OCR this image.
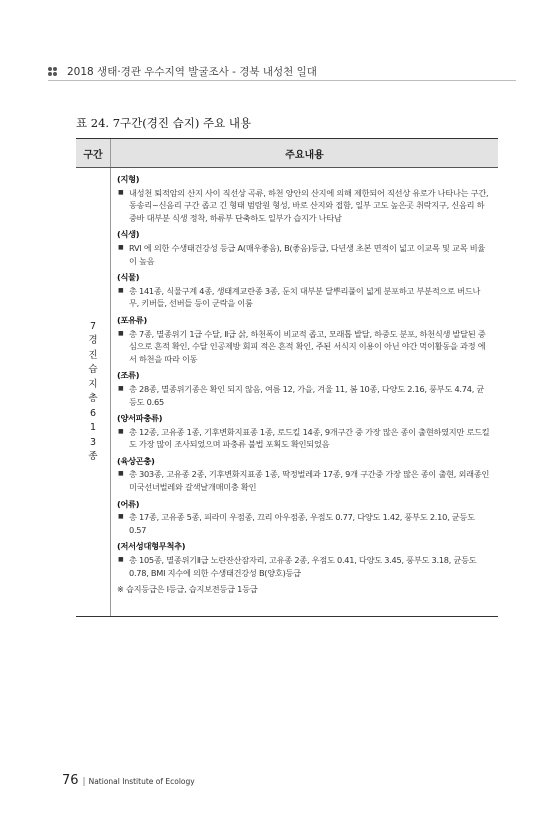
2018 생태·경관 우수지역 발굴조사 - 경북 내성천 일대
표 24. 7구간(경진 습지) 주요 내용
구간	주요내용
7경진습지총613종
(지형)
■ 내성천 퇴적암의 산지 사이 직선상 곡류, 하천 양안의 산지에 의해 제한되어 직선상 유로가 나타나는 구간, 동송리~신음리 구간 좁고 긴 형태 범람원 형성, 바로 산지와 접함, 일부 고도 높은곳 취락지구, 신음리 하중바 대부분 식생 정착, 하류부 단축하도 일부가 습지가 나타남
(식생)
■ RVI 에 의한 수생태건강성 등급 A(매우좋음), B(좋음)등급, 다년생 초본 면적이 넓고 이교목 및 교목 비율이 높음
(식물)
■ 총 141종, 식물구계 4종, 생태계교란종 3종, 둔치 대부분 달뿌리풀이 넓게 분포하고 부분적으로 버드나무, 키버들, 선버들 등이 군락을 이룸
(포유류)
■ 총 7종, 멸종위기 1급 수달, Ⅱ급 삵, 하천폭이 비교적 좁고, 모래톱 발달, 하중도 분포, 하천식생 발달된 중심으로 흔적 확인, 수달 인공제방 회피 적은 흔적 확인, 주된 서식지 이용이 아닌 야간 먹이활동을 과정 에서 하천을 따라 이동
(조류)
■ 총 28종, 멸종위기종은 확인 되지 않음, 여름 12, 가을, 겨울 11, 봄 10종, 다양도 2.16, 풍부도 4.74, 균등도 0.65
(양서파충류)
■ 총 12종, 고유종 1종, 기후변화지표종 1종, 로드킬 14종, 9개구간 중 가장 많은 종이 출현하였지만 로드킬도 가장 많이 조사되었으며 파충류 불법 포획도 확인되었음
(육상곤충)
■ 총 303종, 고유종 2종, 기후변화지표종 1종, 딱정벌레과 17종, 9개 구간중 가장 많은 종이 출현, 외래종인 미국선녀벌레와 갈색날개매미충 확인
(어류)
■ 총 17종, 고유종 5종, 피라미 우점종, 끄리 아우점종, 우점도 0.77, 다양도 1.42, 풍부도 2.10, 균등도 0.57
(저서성대형무척추)
■ 총 105종, 멸종위기Ⅱ급 노란잔산잠자리, 고유종 2종, 우점도 0.41, 다양도 3.45, 풍부도 3.18, 균등도 0.78, BMI 지수에 의한 수생태건강성 B(양호)등급
※ 습지등급은 Ⅰ등급, 습지보전등급 1등급
76 | National Institute of Ecology
